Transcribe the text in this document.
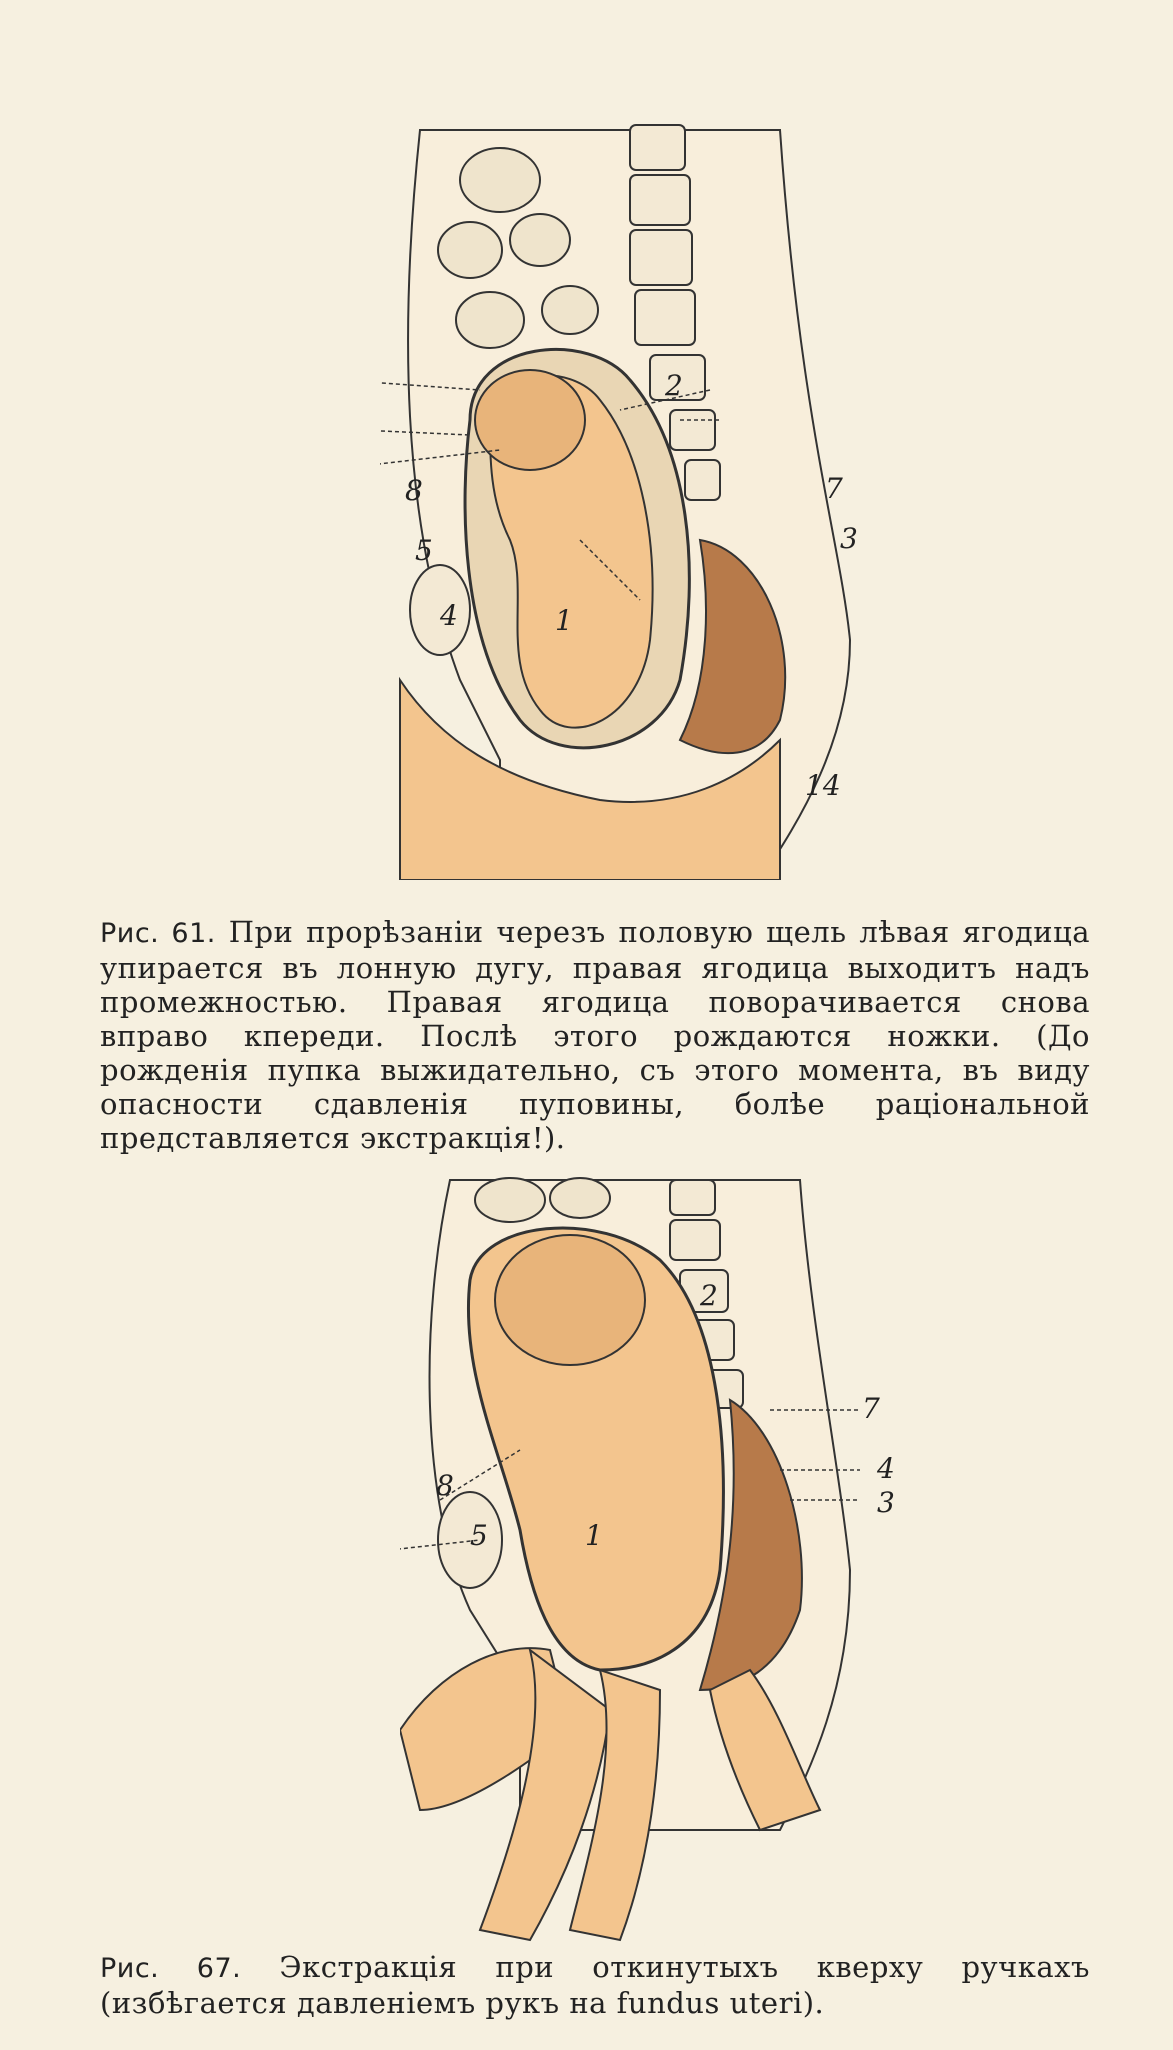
8
5
4	1
2
7
3
14
Рис. 61. При прорѣзаніи черезъ половую щель лѣвая ягодица упирается въ лонную дугу, правая ягодица выходитъ надъ промежностью. Правая ягодица поворачивается снова вправо кпереди. Послѣ этого рождаются ножки. (До рожденія пупка выжидательно, съ этого момента, въ виду опасности сдавленія пуповины, болѣе раціональной представляется экстракція!).
2
7
4
3
8
5	1
Рис. 67. Экстракція при откинутыхъ кверху ручкахъ (избѣгается давленіемъ рукъ на fundus uteri).
